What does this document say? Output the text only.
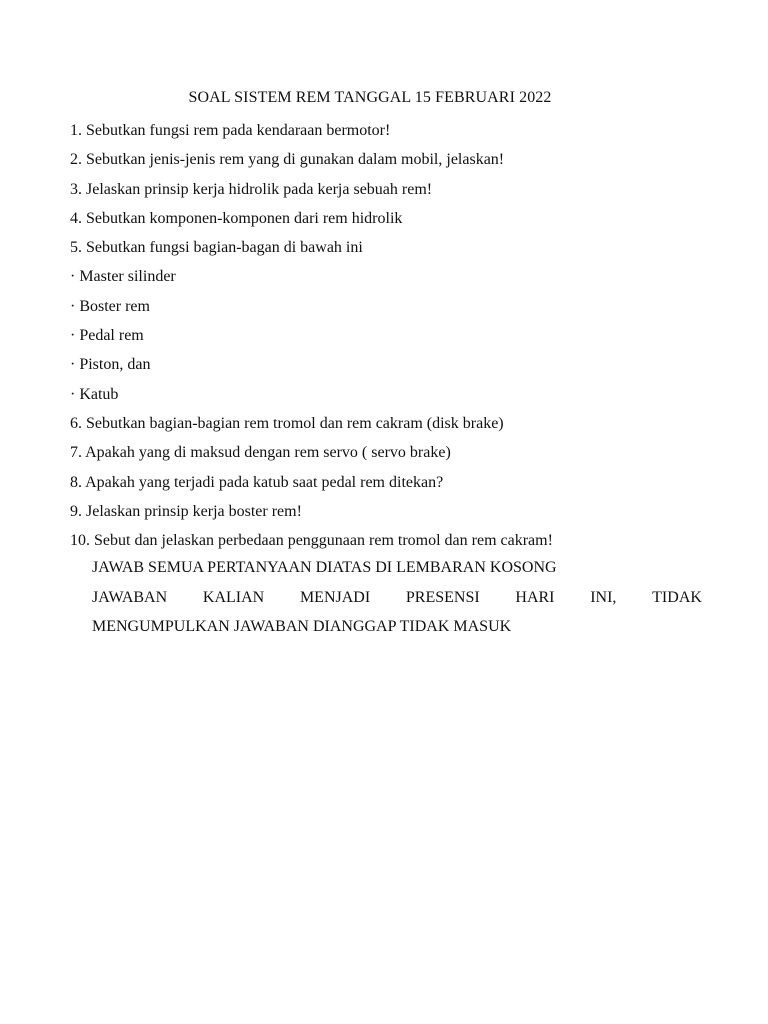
SOAL SISTEM REM TANGGAL 15 FEBRUARI 2022
1. Sebutkan fungsi rem pada kendaraan bermotor!
2. Sebutkan jenis-jenis rem yang di gunakan dalam mobil, jelaskan!
3. Jelaskan prinsip kerja hidrolik pada kerja sebuah rem!
4. Sebutkan komponen-komponen dari rem hidrolik
5. Sebutkan fungsi bagian-bagan di bawah ini
· Master silinder
· Boster rem
· Pedal rem
· Piston, dan
· Katub
6. Sebutkan bagian-bagian rem tromol dan rem cakram (disk brake)
7. Apakah yang di maksud dengan rem servo ( servo brake)
8. Apakah yang terjadi pada katub saat pedal rem ditekan?
9. Jelaskan prinsip kerja boster rem!
10. Sebut dan jelaskan perbedaan penggunaan rem tromol dan rem cakram!
JAWAB SEMUA PERTANYAAN DIATAS DI LEMBARAN KOSONG
JAWABAN KALIAN MENJADI PRESENSI HARI INI, TIDAK
MENGUMPULKAN JAWABAN DIANGGAP TIDAK MASUK
